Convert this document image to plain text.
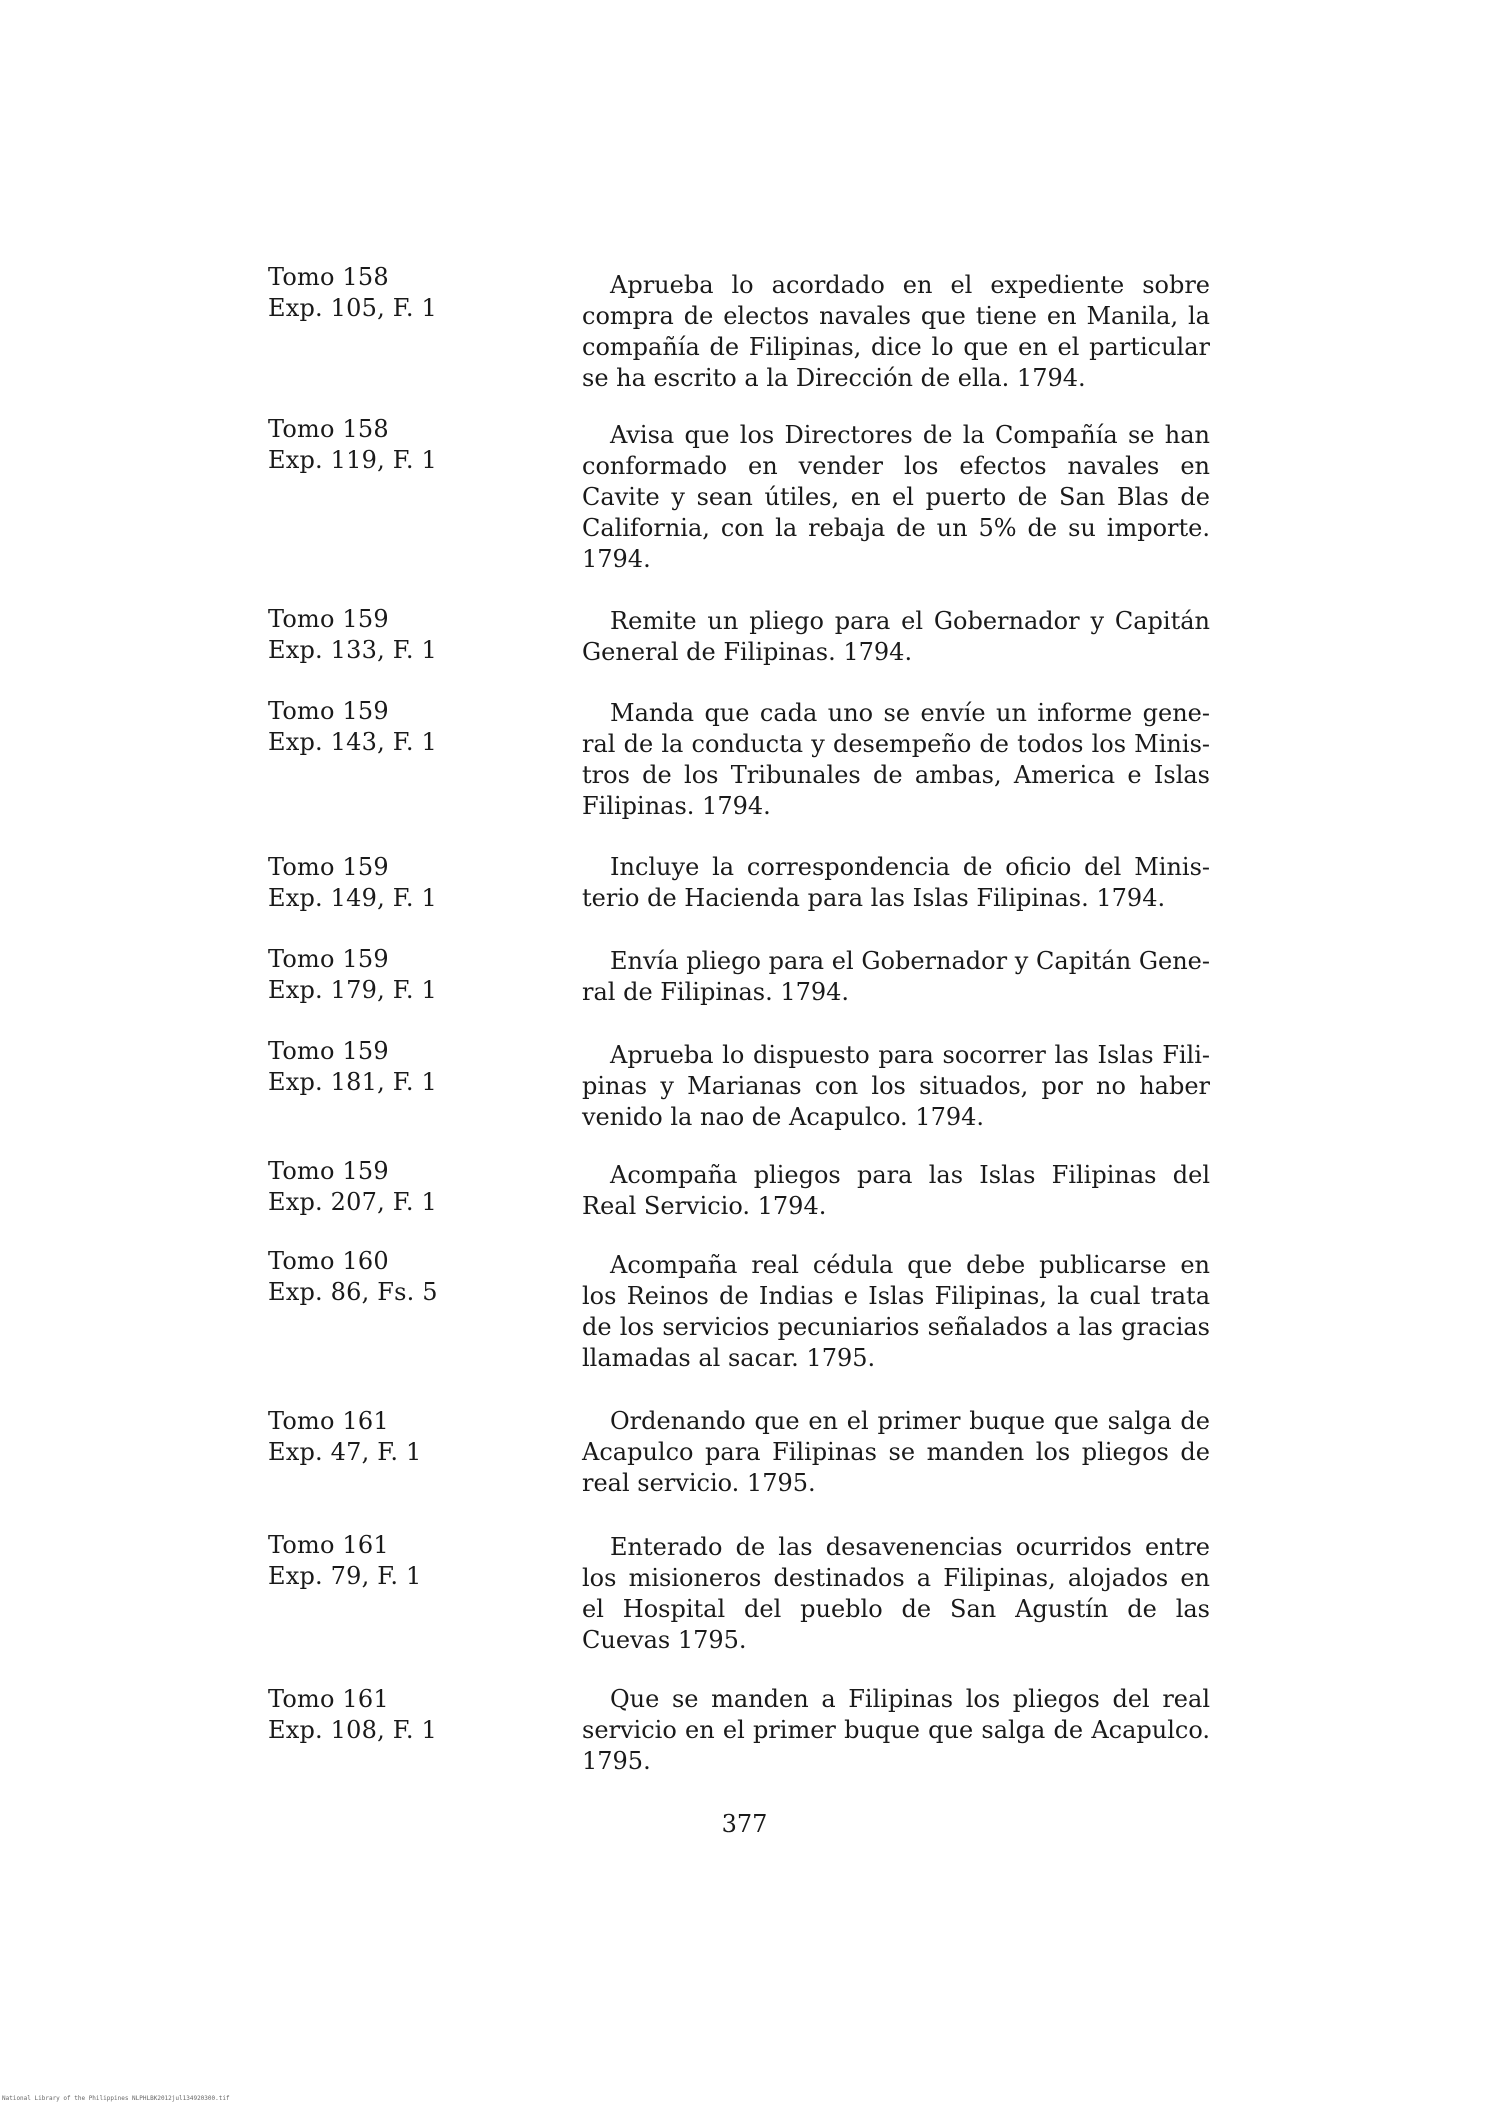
Tomo 158
Exp. 105, F. 1
Aprueba lo acordado en el expediente sobre compra de electos navales que tiene en Manila, la compañía de Filipinas, dice lo que en el particular se ha escrito a la Dirección de ella. 1794.
Tomo 158
Exp. 119, F. 1
Avisa que los Directores de la Compañía se han conformado en vender los efectos navales en Cavite y sean útiles, en el puerto de San Blas de California, con la rebaja de un 5% de su importe. 1794.
Tomo 159
Exp. 133, F. 1
Remite un pliego para el Gobernador y Capitán General de Filipinas. 1794.
Tomo 159
Exp. 143, F. 1
Manda que cada uno se envíe un informe general de la conducta y desempeño de todos los Ministros de los Tribunales de ambas, America e Islas Filipinas. 1794.
Tomo 159
Exp. 149, F. 1
Incluye la correspondencia de oficio del Ministerio de Hacienda para las Islas Filipinas. 1794.
Tomo 159
Exp. 179, F. 1
Envía pliego para el Gobernador y Capitán General de Filipinas. 1794.
Tomo 159
Exp. 181, F. 1
Aprueba lo dispuesto para socorrer las Islas Filipinas y Marianas con los situados, por no haber venido la nao de Acapulco. 1794.
Tomo 159
Exp. 207, F. 1
Acompaña pliegos para las Islas Filipinas del Real Servicio. 1794.
Tomo 160
Exp. 86, Fs. 5
Acompaña real cédula que debe publicarse en los Reinos de Indias e Islas Filipinas, la cual trata de los servicios pecuniarios señalados a las gracias llamadas al sacar. 1795.
Tomo 161
Exp. 47, F. 1
Ordenando que en el primer buque que salga de Acapulco para Filipinas se manden los pliegos de real servicio. 1795.
Tomo 161
Exp. 79, F. 1
Enterado de las desavenencias ocurridos entre los misioneros destinados a Filipinas, alojados en el Hospital del pueblo de San Agustín de las Cuevas 1795.
Tomo 161
Exp. 108, F. 1
Que se manden a Filipinas los pliegos del real servicio en el primer buque que salga de Acapulco. 1795.
377
National Library of the Philippines NLPHLBK2012jul134920300.tif
